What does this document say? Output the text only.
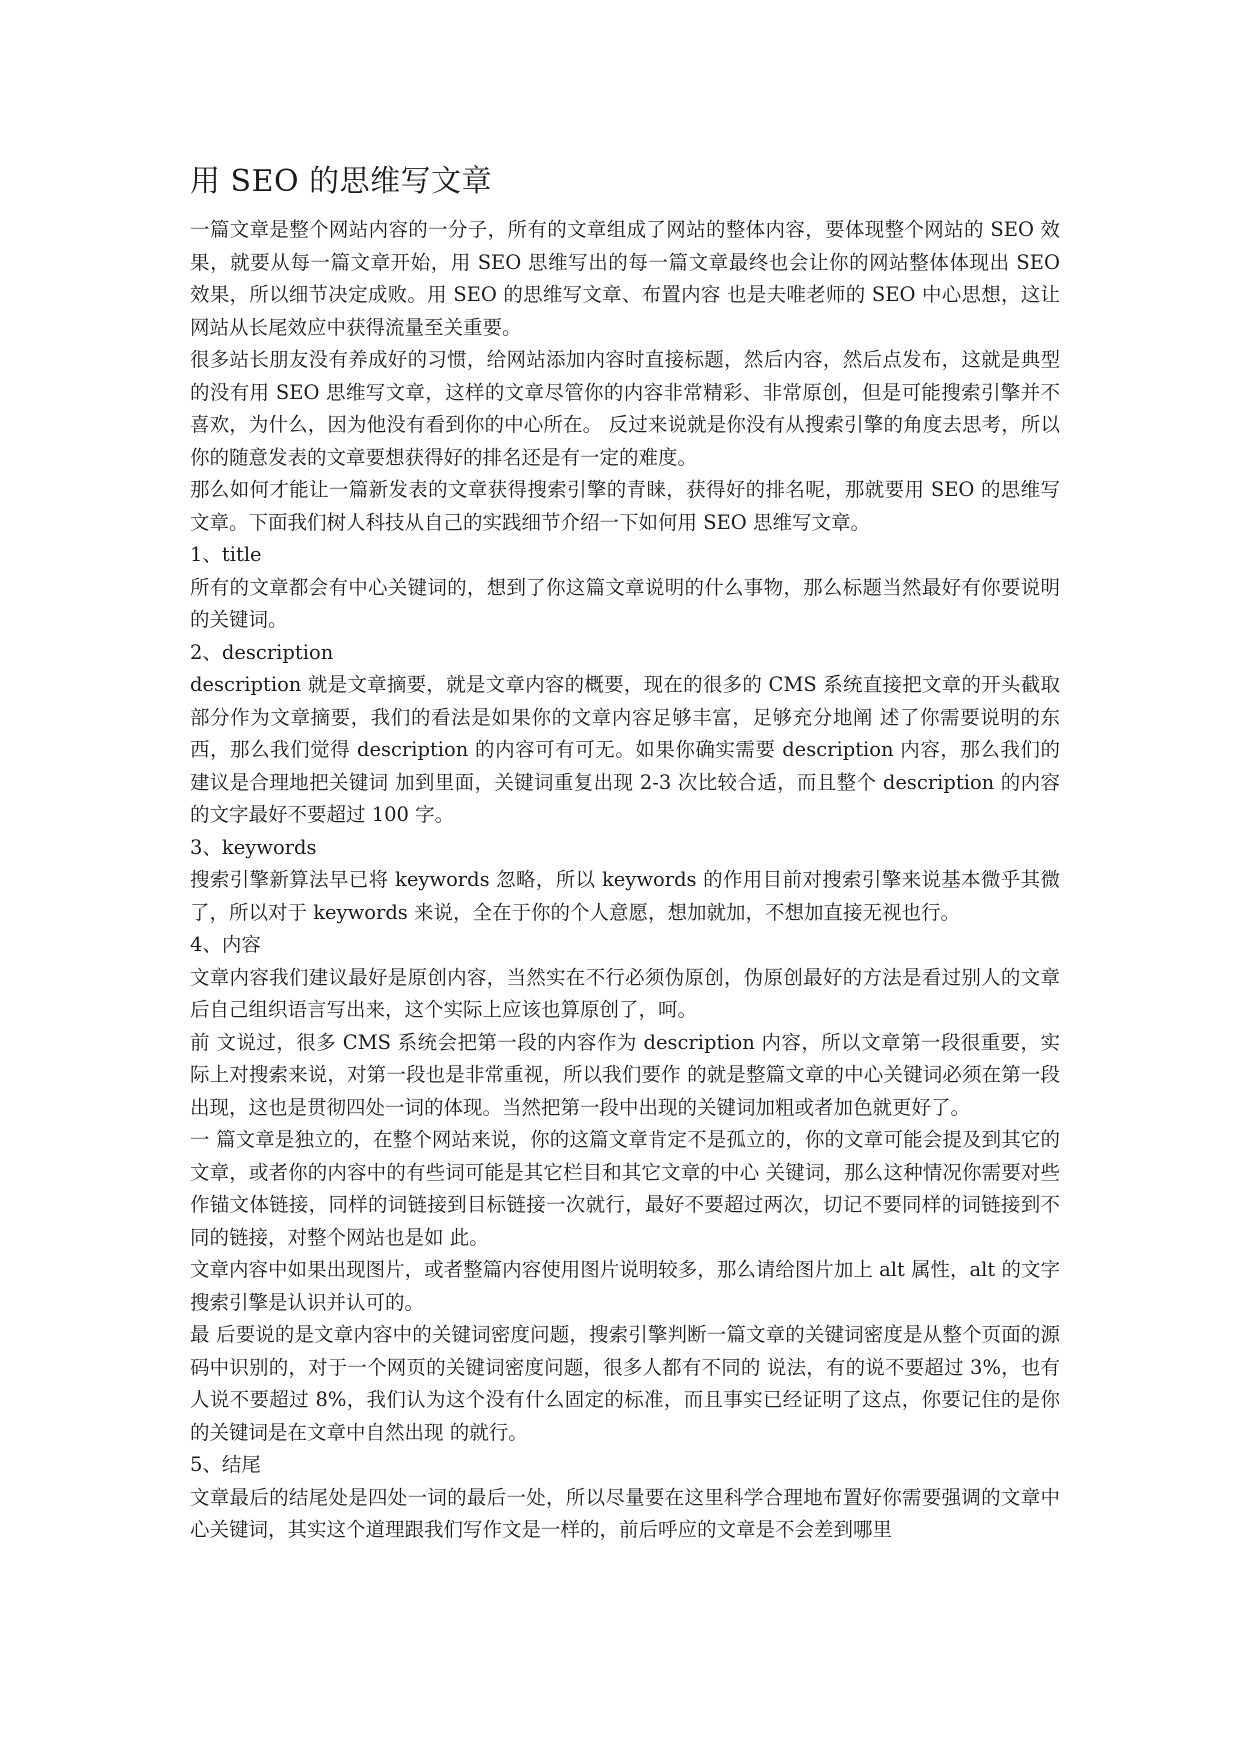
用 SEO 的思维写文章

一篇文章是整个网站内容的一分子，所有的文章组成了网站的整体内容，要体现整个网站的 SEO 效果，就要从每一篇文章开始，用 SEO 思维写出的每一篇文章最终也会让你的网站整体体现出 SEO 效果，所以细节决定成败。用 SEO 的思维写文章、布置内容 也是夫唯老师的 SEO 中心思想，这让网站从长尾效应中获得流量至关重要。

很多站长朋友没有养成好的习惯，给网站添加内容时直接标题，然后内容，然后点发布，这就是典型的没有用 SEO 思维写文章，这样的文章尽管你的内容非常精彩、非常原创，但是可能搜索引擎并不喜欢，为什么，因为他没有看到你的中心所在。 反过来说就是你没有从搜索引擎的角度去思考，所以你的随意发表的文章要想获得好的排名还是有一定的难度。

那么如何才能让一篇新发表的文章获得搜索引擎的青睐，获得好的排名呢，那就要用 SEO 的思维写文章。下面我们树人科技从自己的实践细节介绍一下如何用 SEO 思维写文章。

1、title

所有的文章都会有中心关键词的，想到了你这篇文章说明的什么事物，那么标题当然最好有你要说明的关键词。

2、description

description 就是文章摘要，就是文章内容的概要，现在的很多的 CMS 系统直接把文章的开头截取部分作为文章摘要，我们的看法是如果你的文章内容足够丰富，足够充分地阐 述了你需要说明的东西，那么我们觉得 description 的内容可有可无。如果你确实需要 description 内容，那么我们的建议是合理地把关键词 加到里面，关键词重复出现 2-3 次比较合适，而且整个 description 的内容的文字最好不要超过 100 字。

3、keywords

搜索引擎新算法早已将 keywords 忽略，所以 keywords 的作用目前对搜索引擎来说基本微乎其微了，所以对于 keywords 来说，全在于你的个人意愿，想加就加，不想加直接无视也行。

4、内容

文章内容我们建议最好是原创内容，当然实在不行必须伪原创，伪原创最好的方法是看过别人的文章后自己组织语言写出来，这个实际上应该也算原创了，呵。

前 文说过，很多 CMS 系统会把第一段的内容作为 description 内容，所以文章第一段很重要，实际上对搜索来说，对第一段也是非常重视，所以我们要作 的就是整篇文章的中心关键词必须在第一段出现，这也是贯彻四处一词的体现。当然把第一段中出现的关键词加粗或者加色就更好了。

一 篇文章是独立的，在整个网站来说，你的这篇文章肯定不是孤立的，你的文章可能会提及到其它的文章，或者你的内容中的有些词可能是其它栏目和其它文章的中心 关键词，那么这种情况你需要对些作锚文体链接，同样的词链接到目标链接一次就行，最好不要超过两次，切记不要同样的词链接到不同的链接，对整个网站也是如 此。

文章内容中如果出现图片，或者整篇内容使用图片说明较多，那么请给图片加上 alt 属性，alt 的文字搜索引擎是认识并认可的。

最 后要说的是文章内容中的关键词密度问题，搜索引擎判断一篇文章的关键词密度是从整个页面的源码中识别的，对于一个网页的关键词密度问题，很多人都有不同的 说法，有的说不要超过 3%，也有人说不要超过 8%，我们认为这个没有什么固定的标准，而且事实已经证明了这点，你要记住的是你的关键词是在文章中自然出现 的就行。

5、结尾

文章最后的结尾处是四处一词的最后一处，所以尽量要在这里科学合理地布置好你需要强调的文章中心关键词，其实这个道理跟我们写作文是一样的，前后呼应的文章是不会差到哪里
